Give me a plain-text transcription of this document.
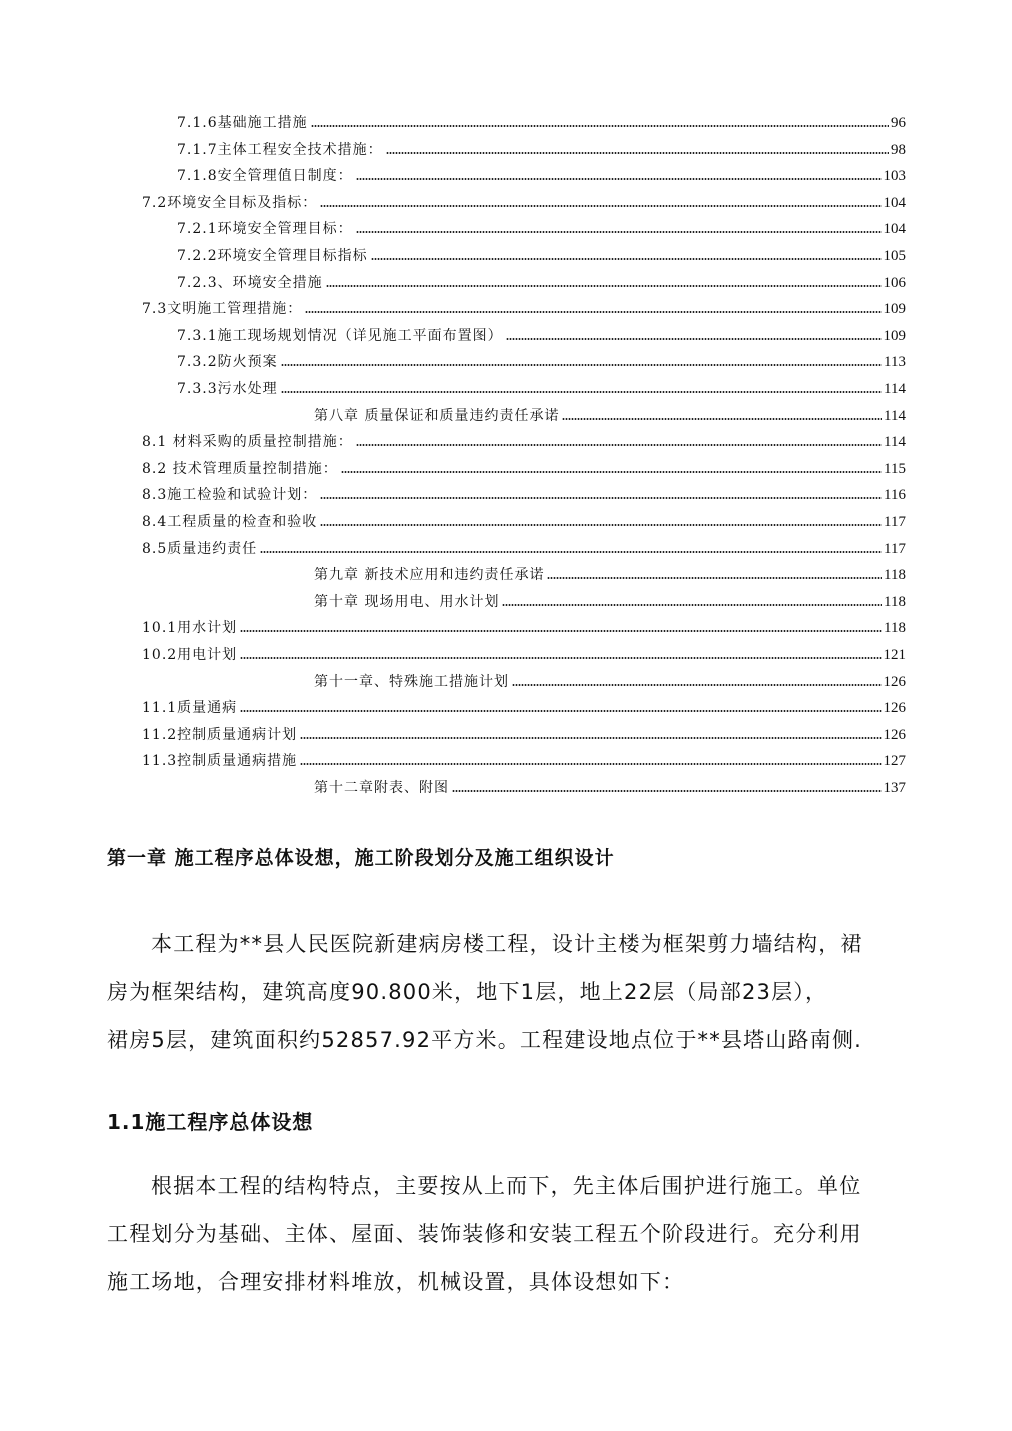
7.1.6基础施工措施	96
7.1.7主体工程安全技术措施：	98
7.1.8安全管理值日制度：	103
7.2环境安全目标及指标：	104
7.2.1环境安全管理目标：	104
7.2.2环境安全管理目标指标	105
7.2.3、环境安全措施	106
7.3文明施工管理措施：	109
7.3.1施工现场规划情况（详见施工平面布置图）	109
7.3.2防火预案	113
7.3.3污水处理	114
第八章 质量保证和质量违约责任承诺	114
8.1 材料采购的质量控制措施：	114
8.2 技术管理质量控制措施：	115
8.3施工检验和试验计划：	116
8.4工程质量的检查和验收	117
8.5质量违约责任	117
第九章 新技术应用和违约责任承诺	118
第十章 现场用电、用水计划	118
10.1用水计划	118
10.2用电计划	121
第十一章、特殊施工措施计划	126
11.1质量通病	126
11.2控制质量通病计划	126
11.3控制质量通病措施	127
第十二章附表、附图	137
第一章 施工程序总体设想，施工阶段划分及施工组织设计
本工程为**县人民医院新建病房楼工程，设计主楼为框架剪力墙结构，裙
房为框架结构，建筑高度90.800米，地下1层，地上22层（局部23层），
裙房5层，建筑面积约52857.92平方米。工程建设地点位于**县塔山路南侧.
1.1施工程序总体设想
根据本工程的结构特点，主要按从上而下，先主体后围护进行施工。单位
工程划分为基础、主体、屋面、装饰装修和安装工程五个阶段进行。充分利用
施工场地，合理安排材料堆放，机械设置，具体设想如下：
